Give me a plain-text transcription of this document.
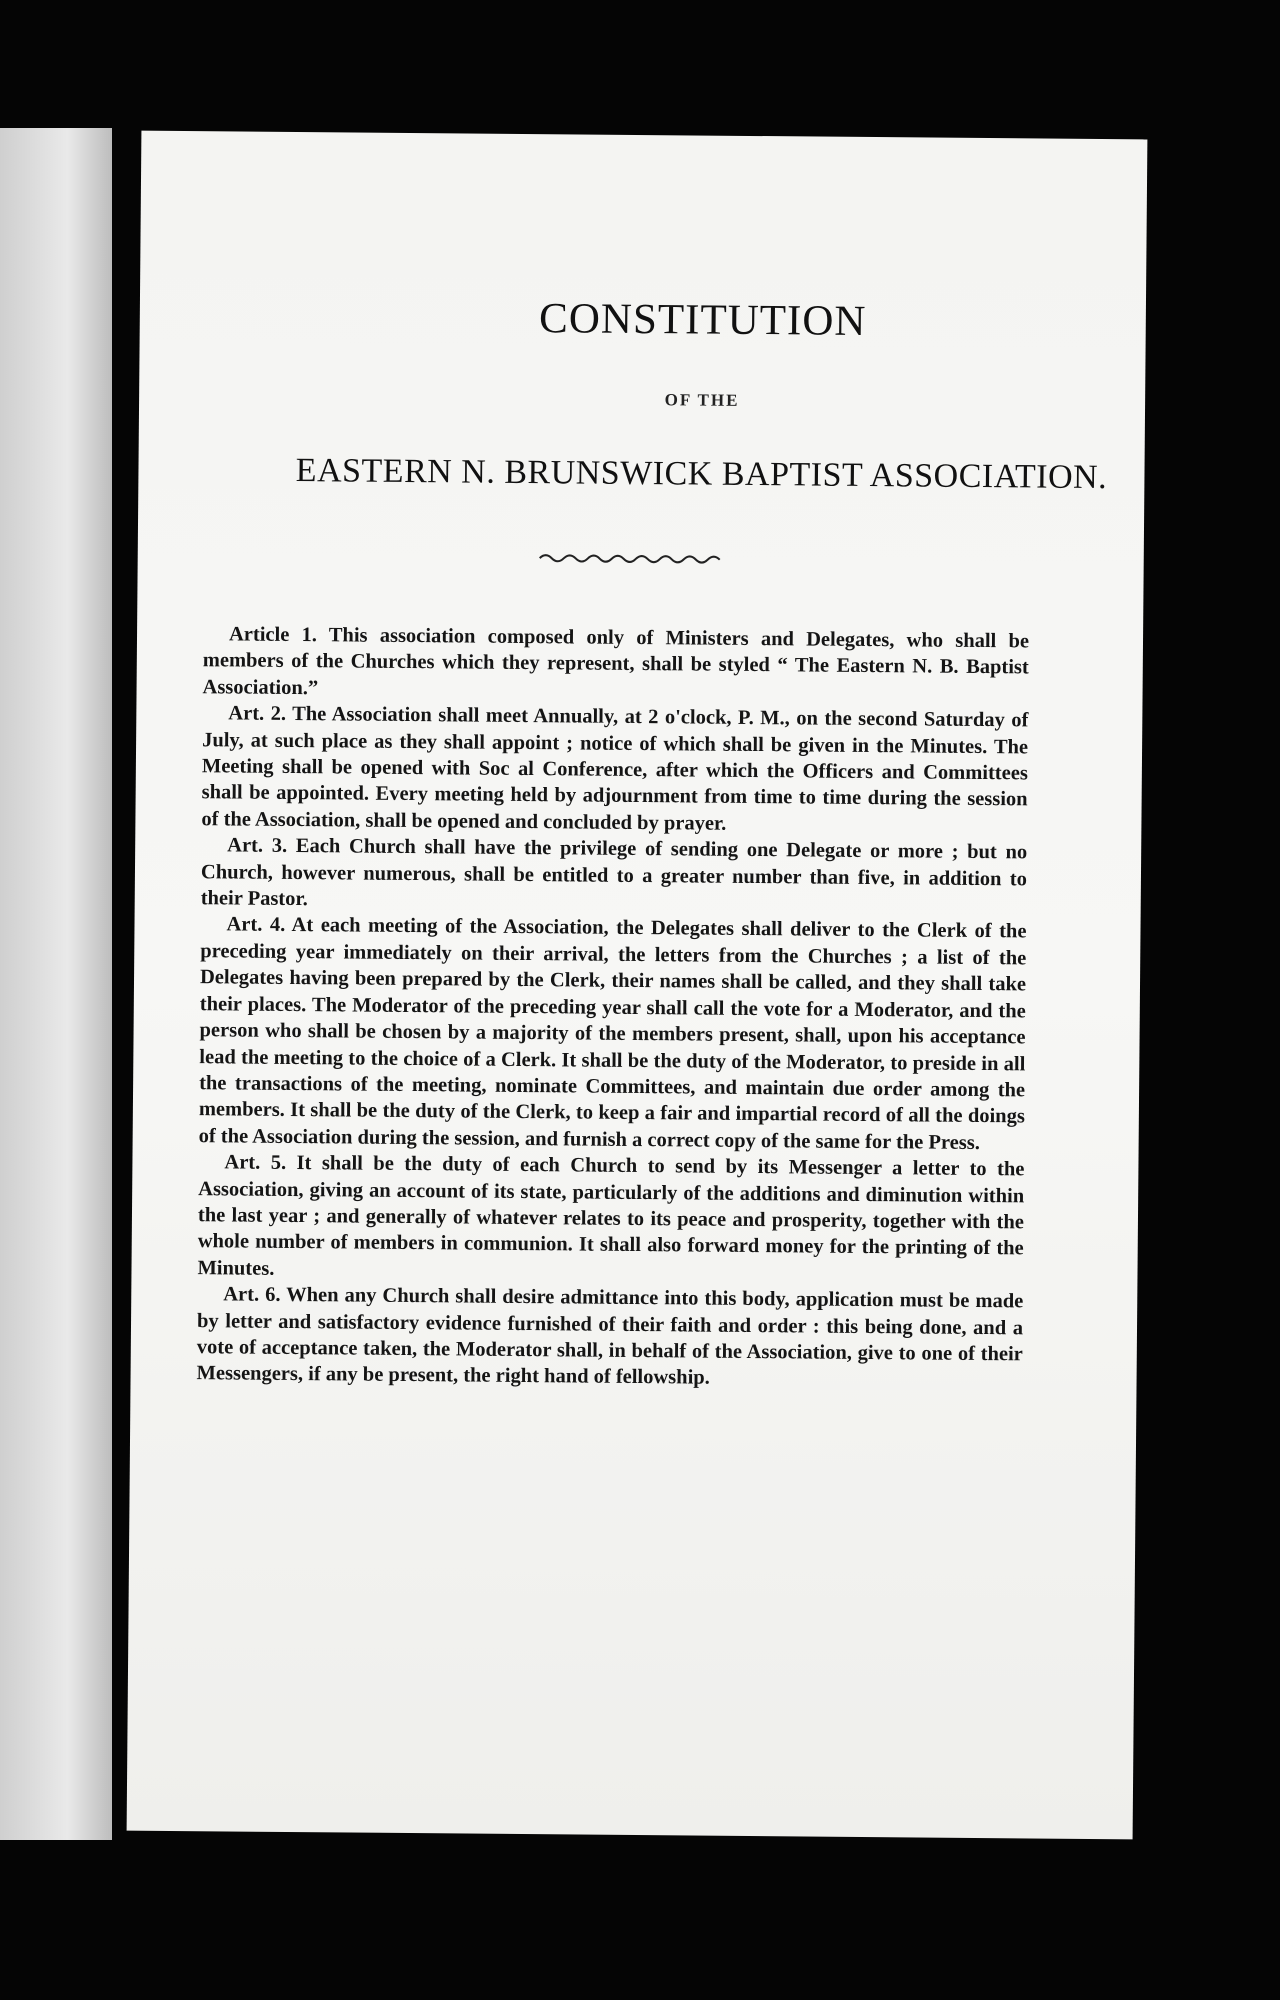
CONSTITUTION
OF THE
EASTERN N. BRUNSWICK BAPTIST ASSOCIATION.

Article 1. This association composed only of Ministers and Delegates, who shall be members of the Churches which they represent, shall be styled “ The Eastern N. B. Baptist Association.”

Art. 2. The Association shall meet Annually, at 2 o'clock, P. M., on the second Saturday of July, at such place as they shall appoint ; notice of which shall be given in the Minutes. The Meeting shall be opened with Soc al Conference, after which the Officers and Committees shall be appointed. Every meeting held by adjournment from time to time during the session of the Association, shall be opened and concluded by prayer.

Art. 3. Each Church shall have the privilege of sending one Delegate or more ; but no Church, however numerous, shall be entitled to a greater number than five, in addition to their Pastor.

Art. 4. At each meeting of the Association, the Delegates shall deliver to the Clerk of the preceding year immediately on their arrival, the letters from the Churches ; a list of the Delegates having been prepared by the Clerk, their names shall be called, and they shall take their places. The Moderator of the preceding year shall call the vote for a Moderator, and the person who shall be chosen by a majority of the members present, shall, upon his acceptance lead the meeting to the choice of a Clerk. It shall be the duty of the Moderator, to preside in all the transactions of the meeting, nominate Committees, and maintain due order among the members. It shall be the duty of the Clerk, to keep a fair and impartial record of all the doings of the Association during the session, and furnish a correct copy of the same for the Press.

Art. 5. It shall be the duty of each Church to send by its Messenger a letter to the Association, giving an account of its state, particularly of the additions and diminution within the last year ; and generally of whatever relates to its peace and prosperity, together with the whole number of members in communion. It shall also forward money for the printing of the Minutes.

Art. 6. When any Church shall desire admittance into this body, application must be made by letter and satisfactory evidence furnished of their faith and order : this being done, and a vote of acceptance taken, the Moderator shall, in behalf of the Association, give to one of their Messengers, if any be present, the right hand of fellowship.
